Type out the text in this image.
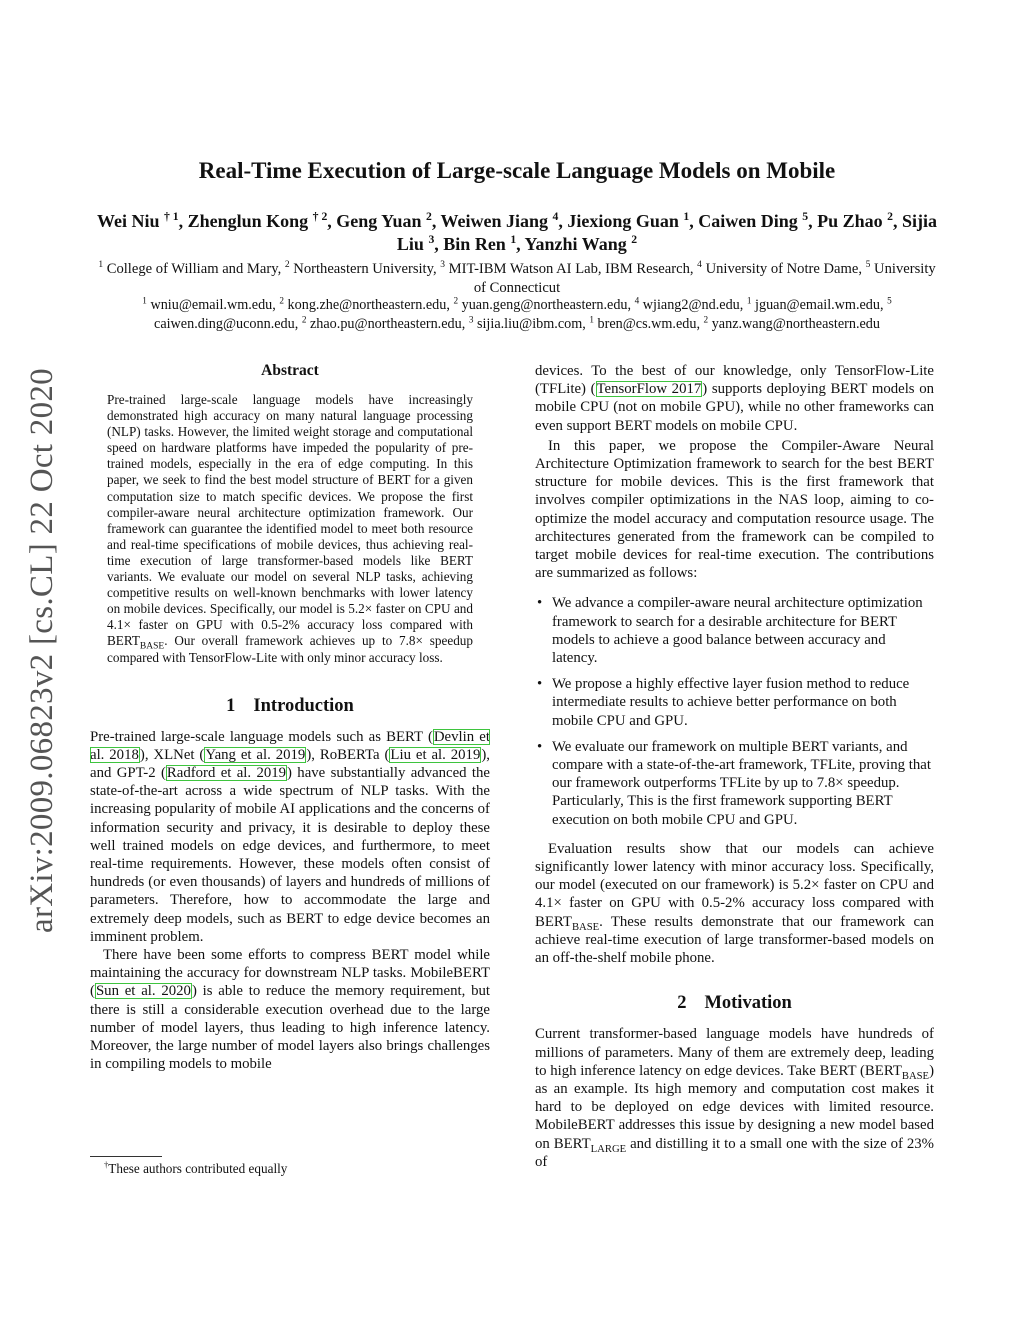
arXiv:2009.06823v2 [cs.CL] 22 Oct 2020
Real-Time Execution of Large-scale Language Models on Mobile
Wei Niu $^{\dagger 1}$, Zhenglun Kong $^{\dagger 2}$, Geng Yuan $^2$, Weiwen Jiang $^4$, Jiexiong Guan $^1$, Caiwen Ding $^5$, Pu Zhao $^2$, Sijia Liu $^3$, Bin Ren $^1$, Yanzhi Wang $^2$
$^1$ College of William and Mary, $^2$ Northeastern University, $^3$ MIT-IBM Watson AI Lab, IBM Research, $^4$ University of Notre Dame, $^5$ University of Connecticut
$^1$ wniu@email.wm.edu, $^2$ kong.zhe@northeastern.edu, $^2$ yuan.geng@northeastern.edu, $^4$ wjiang2@nd.edu, $^1$ jguan@email.wm.edu, $^5$ caiwen.ding@uconn.edu, $^2$ zhao.pu@northeastern.edu, $^3$ sijia.liu@ibm.com, $^1$ bren@cs.wm.edu, $^2$ yanz.wang@northeastern.edu
Abstract

Pre-trained large-scale language models have increasingly demonstrated high accuracy on many natural language processing (NLP) tasks. However, the limited weight storage and computational speed on hardware platforms have impeded the popularity of pre-trained models, especially in the era of edge computing. In this paper, we seek to find the best model structure of BERT for a given computation size to match specific devices. We propose the first compiler-aware neural architecture optimization framework. Our framework can guarantee the identified model to meet both resource and real-time specifications of mobile devices, thus achieving real-time execution of large transformer-based models like BERT variants. We evaluate our model on several NLP tasks, achieving competitive results on well-known benchmarks with lower latency on mobile devices. Specifically, our model is 5.2× faster on CPU and 4.1× faster on GPU with 0.5-2% accuracy loss compared with $BERT_{BASE}$. Our overall framework achieves up to 7.8× speedup compared with TensorFlow-Lite with only minor accuracy loss.

1 Introduction

Pre-trained large-scale language models such as BERT (Devlin et al. 2018), XLNet (Yang et al. 2019), RoBERTa (Liu et al. 2019), and GPT-2 (Radford et al. 2019) have substantially advanced the state-of-the-art across a wide spectrum of NLP tasks. With the increasing popularity of mobile AI applications and the concerns of information security and privacy, it is desirable to deploy these well trained models on edge devices, and furthermore, to meet real-time requirements. However, these models often consist of hundreds (or even thousands) of layers and hundreds of millions of parameters. Therefore, how to accommodate the large and extremely deep models, such as BERT to edge device becomes an imminent problem.

There have been some efforts to compress BERT model while maintaining the accuracy for downstream NLP tasks. MobileBERT (Sun et al. 2020) is able to reduce the memory requirement, but there is still a considerable execution overhead due to the large number of model layers, thus leading to high inference latency. Moreover, the large number of model layers also brings challenges in compiling models to mobile

†These authors contributed equally

devices. To the best of our knowledge, only TensorFlow-Lite (TFLite) (TensorFlow 2017) supports deploying BERT models on mobile CPU (not on mobile GPU), while no other frameworks can even support BERT models on mobile CPU.

In this paper, we propose the Compiler-Aware Neural Architecture Optimization framework to search for the best BERT structure for mobile devices. This is the first framework that involves compiler optimizations in the NAS loop, aiming to co-optimize the model accuracy and computation resource usage. The architectures generated from the framework can be compiled to target mobile devices for real-time execution. The contributions are summarized as follows:

• We advance a compiler-aware neural architecture optimization framework to search for a desirable architecture for BERT models to achieve a good balance between accuracy and latency.
• We propose a highly effective layer fusion method to reduce intermediate results to achieve better performance on both mobile CPU and GPU.
• We evaluate our framework on multiple BERT variants, and compare with a state-of-the-art framework, TFLite, proving that our framework outperforms TFLite by up to 7.8× speedup. Particularly, This is the first framework supporting BERT execution on both mobile CPU and GPU.

Evaluation results show that our models can achieve significantly lower latency with minor accuracy loss. Specifically, our model (executed on our framework) is 5.2× faster on CPU and 4.1× faster on GPU with 0.5-2% accuracy loss compared with $BERT_{BASE}$. These results demonstrate that our framework can achieve real-time execution of large transformer-based models on an off-the-shelf mobile phone.

2 Motivation

Current transformer-based language models have hundreds of millions of parameters. Many of them are extremely deep, leading to high inference latency on edge devices. Take BERT $(BERT_{BASE})$ as an example. Its high memory and computation cost makes it hard to be deployed on edge devices with limited resource. MobileBERT addresses this issue by designing a new model based on $BERT_{LARGE}$ and distilling it to a small one with the size of 23% of
